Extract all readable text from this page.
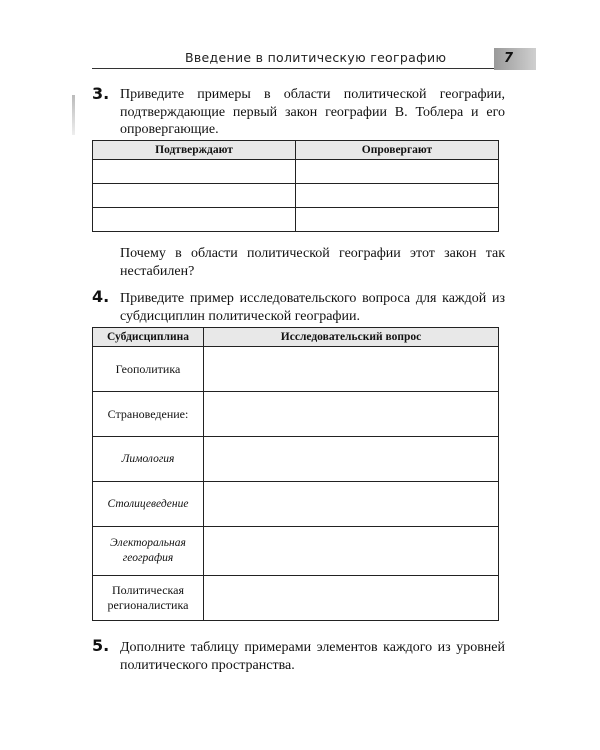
Введение в политическую географию	7
3. Приведите примеры в области политической географии, подтверждающие первый закон географии В. Тоблера и его опровергающие.
Подтверждают	Опровергают

Почему в области политической географии этот закон так нестабилен?
4. Приведите пример исследовательского вопроса для каждой из субдисциплин политической географии.
Субдисциплина	Исследовательский вопрос
Геополитика	
Страноведение:	
Лимология	
Столицеведение	
Электоральная география	
Политическая регионалистика	
5. Дополните таблицу примерами элементов каждого из уровней политического пространства.
